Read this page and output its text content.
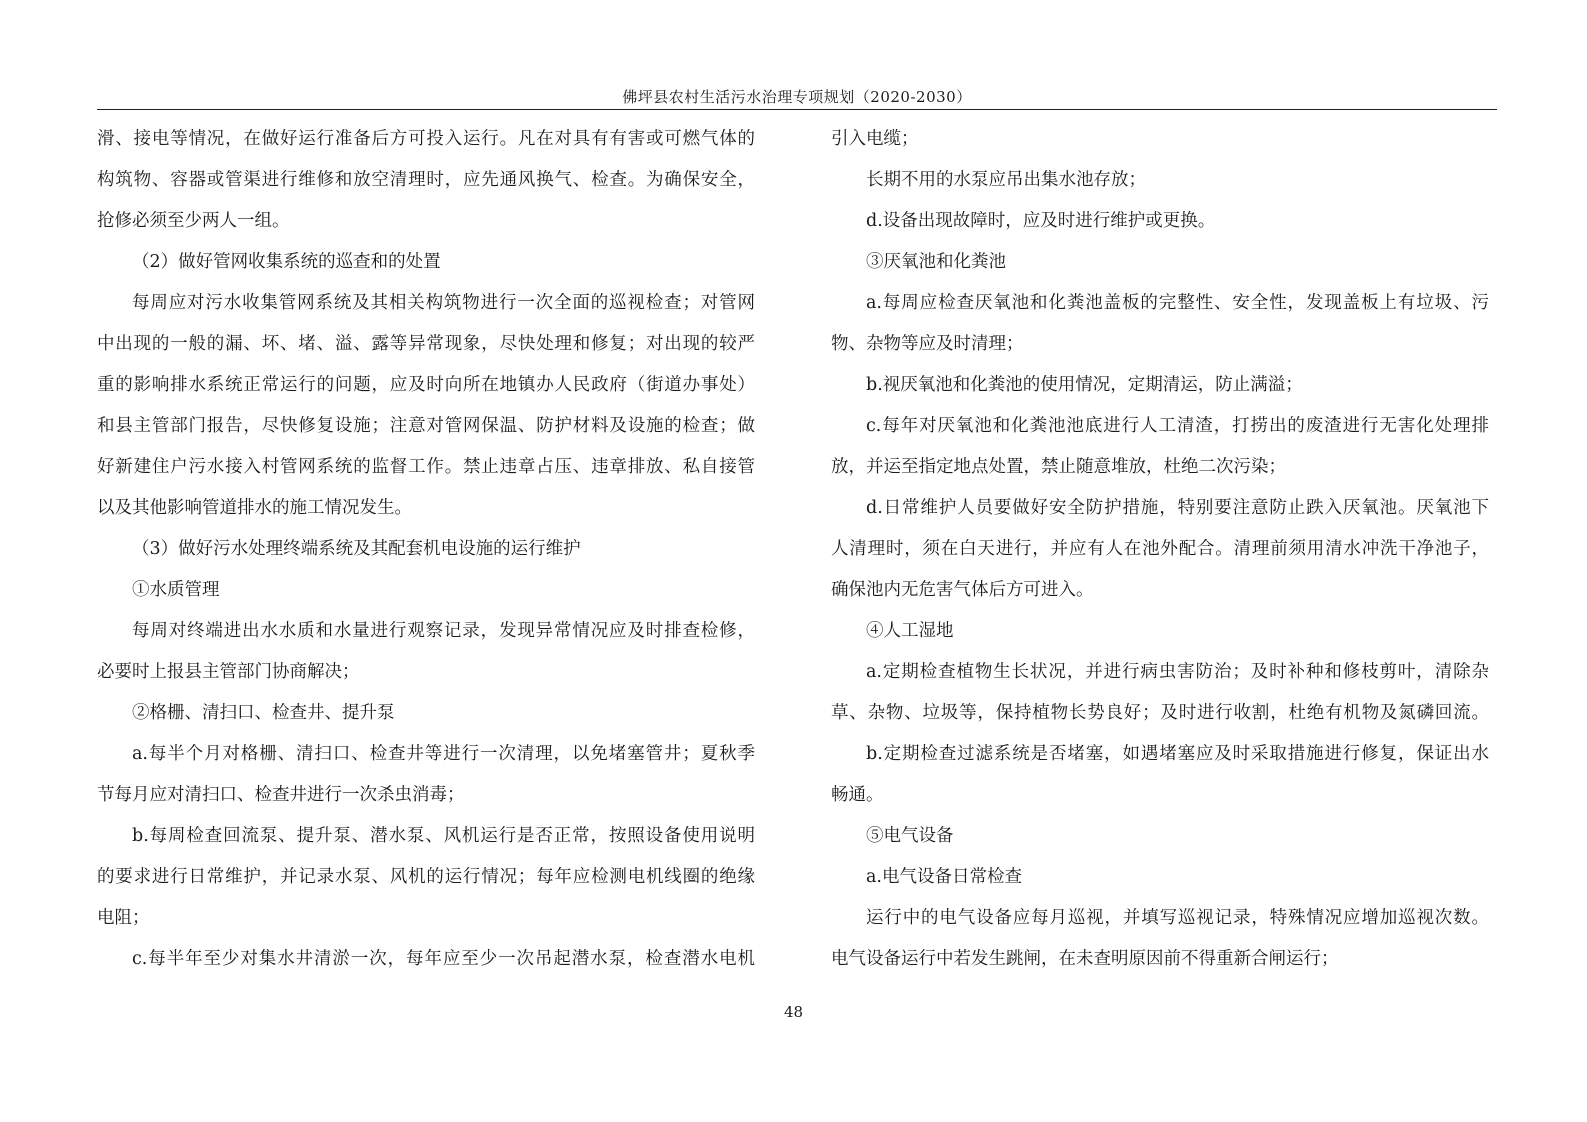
佛坪县农村生活污水治理专项规划（2020-2030）
滑、接电等情况，在做好运行准备后方可投入运行。凡在对具有有害或可燃气体的
构筑物、容器或管渠进行维修和放空清理时，应先通风换气、检查。为确保安全，
抢修必须至少两人一组。
（2）做好管网收集系统的巡查和的处置
每周应对污水收集管网系统及其相关构筑物进行一次全面的巡视检查；对管网
中出现的一般的漏、坏、堵、溢、露等异常现象，尽快处理和修复；对出现的较严
重的影响排水系统正常运行的问题，应及时向所在地镇办人民政府（街道办事处）
和县主管部门报告，尽快修复设施；注意对管网保温、防护材料及设施的检查；做
好新建住户污水接入村管网系统的监督工作。禁止违章占压、违章排放、私自接管
以及其他影响管道排水的施工情况发生。
（3）做好污水处理终端系统及其配套机电设施的运行维护
①水质管理
每周对终端进出水水质和水量进行观察记录，发现异常情况应及时排查检修，
必要时上报县主管部门协商解决；
②格栅、清扫口、检查井、提升泵
a.每半个月对格栅、清扫口、检查井等进行一次清理，以免堵塞管井；夏秋季
节每月应对清扫口、检查井进行一次杀虫消毒；
b.每周检查回流泵、提升泵、潜水泵、风机运行是否正常，按照设备使用说明
的要求进行日常维护，并记录水泵、风机的运行情况；每年应检测电机线圈的绝缘
电阻；
c.每半年至少对集水井清淤一次，每年应至少一次吊起潜水泵，检查潜水电机
引入电缆；
长期不用的水泵应吊出集水池存放；
d.设备出现故障时，应及时进行维护或更换。
③厌氧池和化粪池
a.每周应检查厌氧池和化粪池盖板的完整性、安全性，发现盖板上有垃圾、污
物、杂物等应及时清理；
b.视厌氧池和化粪池的使用情况，定期清运，防止满溢；
c.每年对厌氧池和化粪池池底进行人工清渣，打捞出的废渣进行无害化处理排
放，并运至指定地点处置，禁止随意堆放，杜绝二次污染；
d.日常维护人员要做好安全防护措施，特别要注意防止跌入厌氧池。厌氧池下
人清理时，须在白天进行，并应有人在池外配合。清理前须用清水冲洗干净池子，
确保池内无危害气体后方可进入。
④人工湿地
a.定期检查植物生长状况，并进行病虫害防治；及时补种和修枝剪叶，清除杂
草、杂物、垃圾等，保持植物长势良好；及时进行收割，杜绝有机物及氮磷回流。
b.定期检查过滤系统是否堵塞，如遇堵塞应及时采取措施进行修复，保证出水
畅通。
⑤电气设备
a.电气设备日常检查
运行中的电气设备应每月巡视，并填写巡视记录，特殊情况应增加巡视次数。
电气设备运行中若发生跳闸，在未查明原因前不得重新合闸运行；
48
